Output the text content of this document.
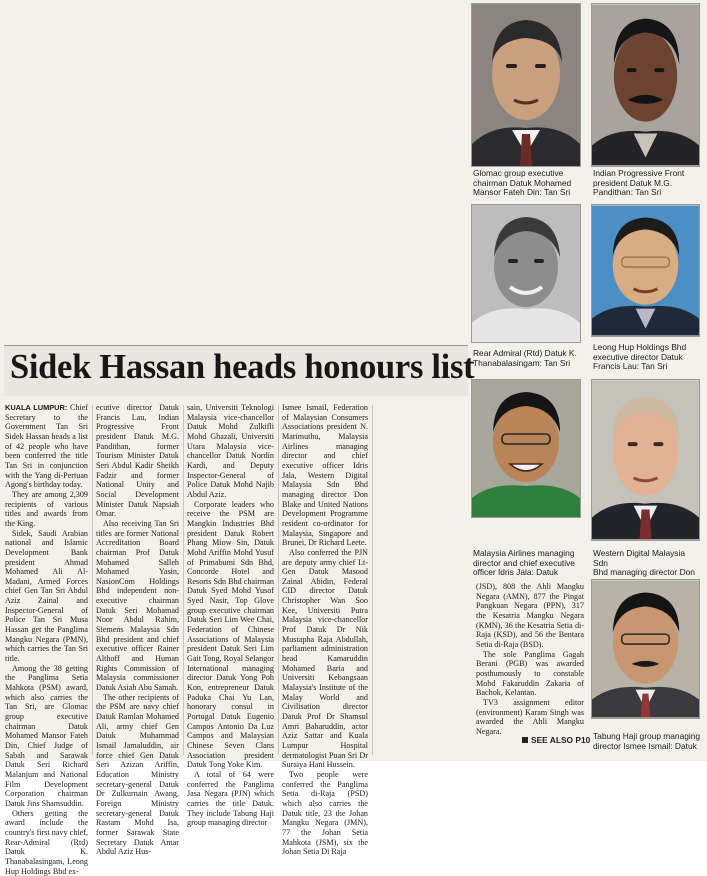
Glomac group executive
chairman Datuk Mohamed
Mansor Fateh Din: Tan Sri
Indian Progressive Front
president Datuk M.G.
Pandithan: Tan Sri
Rear Admiral (Rtd) Datuk K.
Thanabalasingam: Tan Sri
Leong Hup Holdings Bhd
executive director Datuk
Francis Lau: Tan Sri
Malaysia Airlines managing
director and chief executive
officer Idris Jala: Datuk
Western Digital Malaysia Sdn
Bhd managing director Don

Tabung Haji group managing
director Ismee Ismail: Datuk
Sidek Hassan heads honours list

KUALA LUMPUR: Chief Secretary to the Government Tan Sri Sidek Hassan heads a list of 42 people who have been conferred the title Tan Sri in conjunction with the Yang di-Pertuan Agong's birthday today.

They are among 2,309 recipients of various titles and awards from the King.

Sidek, Saudi Arabian national and Islamic Development Bank president Ahmad Mohamed Ali Al-Madani, Armed Forces chief Gen Tan Sri Abdul Aziz Zainal and Inspector-General of Police Tan Sri Musa Hassan get the Panglima Mangku Negara (PMN), which carries the Tan Sri title.

Among the 38 getting the Panglima Setia Mahkota (PSM) award, which also carries the Tan Sri, are Glomac group executive chairman Datuk Mohamed Mansor Fateh Din, Chief Judge of Sabah and Sarawak Datuk Seri Richard Malanjum and National Film Development Corporation chairman Datuk Jins Shamsuddin.

Others getting the award include the country's first navy chief, Rear-Admiral (Rtd) Datuk K. Thanabalasingam, Leong Hup Holdings Bhd ex-

ecutive director Datuk Francis Lau, Indian Progressive Front president Datuk M.G. Pandithan, former Tourism Minister Datuk Seri Abdul Kadir Sheikh Fadzir and former National Unity and Social Development Minister Datuk Napsiah Omar.

Also receiving Tan Sri titles are former National Accreditation Board chairman Prof Datuk Mohamed Salleh Mohamed Yasin, NasionCom Holdings Bhd independent non-executive chairman Datuk Seri Mohamad Noor Abdul Rahim, Siemens Malaysia Sdn Bhd president and chief executive officer Rainer Althoff and Human Rights Commission of Malaysia commissioner Datuk Asiah Abu Samah.

The other recipients of the PSM are navy chief Datuk Ramlan Mohamed Ali, army chief Gen Datuk Muhammad Ismail Jamaluddin, air force chief Gen Datuk Seri Azizan Ariffin, Education Ministry secretary-general Datuk Dr Zulkurnain Awang, Foreign Ministry secretary-general Datuk Rastam Mohd Isa, former Sarawak State Secretary Datuk Amar Abdul Aziz Hus-

sain, Universiti Teknologi Malaysia vice-chancellor Datuk Mohd Zulkifli Mohd Ghazali, Universiti Utara Malaysia vice-chancellor Datuk Nordin Kardi, and Deputy Inspector-General of Police Datuk Mohd Najib Abdul Aziz.

Corporate leaders who receive the PSM are Mangkin Industries Bhd president Datuk Robert Phang Miow Sin, Datuk Mohd Ariffin Mohd Yusuf of Primabumi Sdn Bhd, Concorde Hotel and Resorts Sdn Bhd chairman Datuk Syed Mohd Yusof Syed Nasir, Top Glove group executive chairman Datuk Seri Lim Wee Chai, Federation of Chinese Associations of Malaysia president Datuk Seri Lim Gait Tong, Royal Selangor International managing director Datuk Yong Poh Kon, entrepreneur Datuk Paduka Chai Yu Lan, honorary consul in Portugal Datuk Eugenio Campos Antonio Da Luz Campos and Malaysian Chinese Seven Clans Association president Datuk Tong Yoke Kim.

A total of 64 were conferred the Panglima Jasa Negara (PJN) which carries the title Datuk. They include Tabung Haji group managing director

Ismee Ismail, Federation of Malaysian Consumers Associations president N. Marimuthu, Malaysia Airlines managing director and chief executive officer Idris Jala, Western Digital Malaysia Sdn Bhd managing director Don Blake and United Nations Development Programme resident co-ordinator for Malaysia, Singapore and Brunei, Dr Richard Leete.

Also conferred the PJN are deputy army chief Lt-Gen Datuk Masood Zainal Abidin, Federal CID director Datuk Christopher Wan Soo Kee, Universiti Putra Malaysia vice-chancellor Prof Datuk Dr Nik Mustapha Raja Abdullah, parliament administration head Kamaruddin Mohamed Baria and Universiti Kebangsaan Malaysia's Institute of the Malay World and Civilisation director Datuk Prof Dr Shamsul Amri Baharuddin, actor Aziz Sattar and Kuala Lumpur Hospital dermatologist Puan Sri Dr Suraiya Hani Hussein.

Two people were conferred the Panglima Setia di-Raja (PSD) which also carries the Datuk title, 23 the Johan Mangku Negara (JMN), 77 the Johan Setia Mahkota (JSM), six the Johan Setia Di Raja

(JSD), 808 the Ahli Mangku Negara (AMN), 877 the Pingat Pangkuan Negara (PPN), 317 the Kesatria Mangku Negara (KMN), 36 the Kesatria Setia di-Raja (KSD), and 56 the Bentara Setia di-Raja (BSD).

The sole Panglima Gagah Berani (PGB) was awarded posthumously to constable Mohd Fakaruddin Zakaria of Bachok, Kelantan.

TV3 assignment editor (environment) Karam Singh was awarded the Ahli Mangku Negara.

SEE ALSO P10
